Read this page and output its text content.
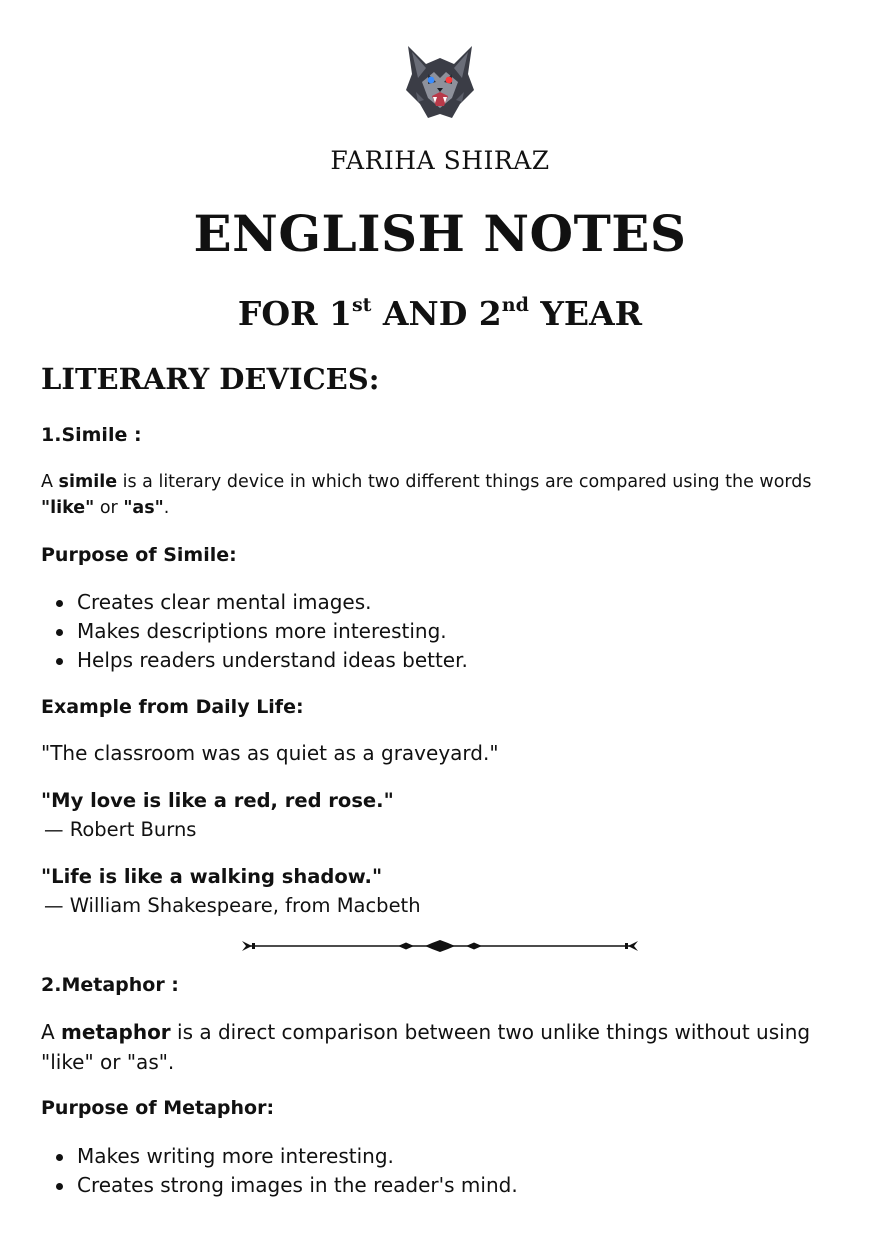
FARIHA SHIRAZ
ENGLISH NOTES
FOR 1st AND 2nd YEAR
LITERARY DEVICES:
1.Simile :
A simile is a literary device in which two different things are compared using the words "like" or "as".
Purpose of Simile:
Creates clear mental images.
Makes descriptions more interesting.
Helps readers understand ideas better.
Example from Daily Life:
"The classroom was as quiet as a graveyard."
"My love is like a red, red rose."
— Robert Burns
"Life is like a walking shadow."
— William Shakespeare, from Macbeth
2.Metaphor :
A metaphor is a direct comparison between two unlike things without using "like" or "as".
Purpose of Metaphor:
Makes writing more interesting.
Creates strong images in the reader's mind.
